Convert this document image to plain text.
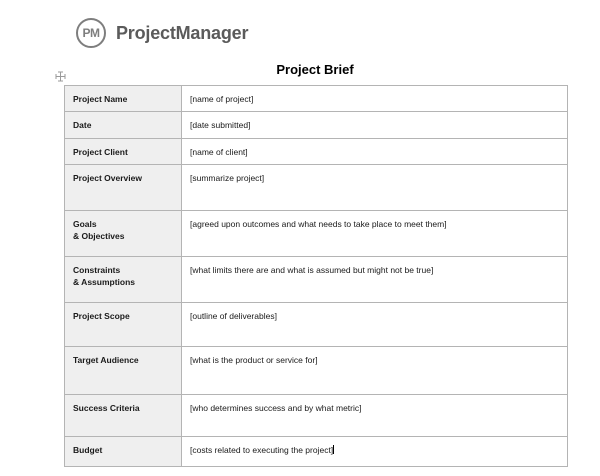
PM ProjectManager
Project Brief
Project Name	[name of project]

Date	[date submitted]

Project Client	[name of client]

Project Overview	[summarize project]

Goals
& Objectives	[agreed upon outcomes and what needs to take place to meet them]

Constraints
& Assumptions	[what limits there are and what is assumed but might not be true]

Project Scope	[outline of deliverables]

Target Audience	[what is the product or service for]

Success Criteria	[who determines success and by what metric]

Budget	[costs related to executing the project]
